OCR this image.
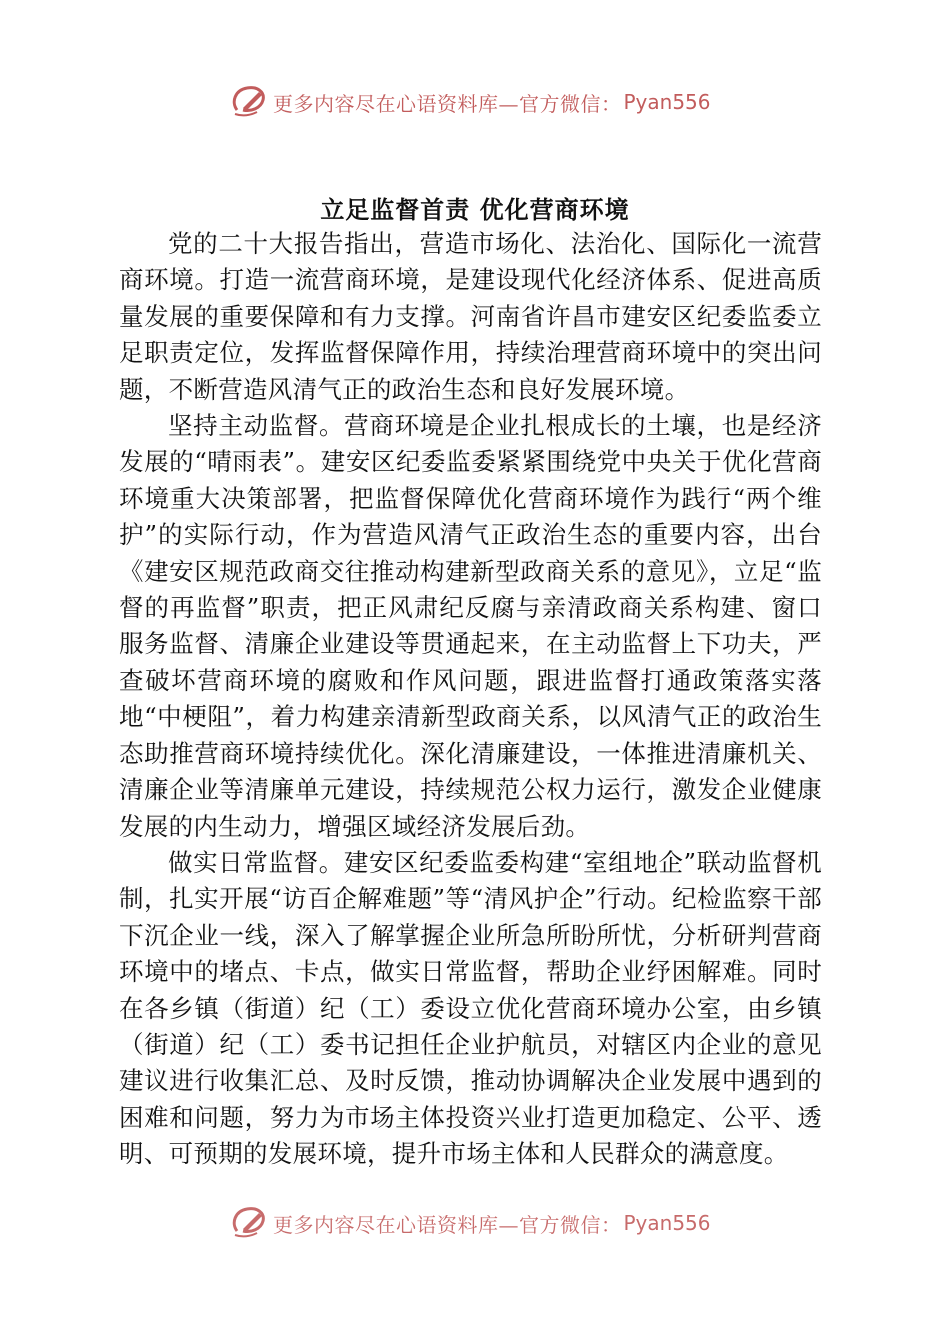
更多内容尽在心语资料库—官方微信： Pyan556
立足监督首责 优化营商环境

党的二十大报告指出，营造市场化、法治化、国际化一流营商环境。打造一流营商环境，是建设现代化经济体系、促进高质量发展的重要保障和有力支撑。河南省许昌市建安区纪委监委立足职责定位，发挥监督保障作用，持续治理营商环境中的突出问题，不断营造风清气正的政治生态和良好发展环境。

坚持主动监督。营商环境是企业扎根成长的土壤，也是经济发展的“晴雨表”。建安区纪委监委紧紧围绕党中央关于优化营商环境重大决策部署，把监督保障优化营商环境作为践行“两个维护”的实际行动，作为营造风清气正政治生态的重要内容，出台《建安区规范政商交往推动构建新型政商关系的意见》，立足“监督的再监督”职责，把正风肃纪反腐与亲清政商关系构建、窗口服务监督、清廉企业建设等贯通起来，在主动监督上下功夫，严查破坏营商环境的腐败和作风问题，跟进监督打通政策落实落地“中梗阻”，着力构建亲清新型政商关系，以风清气正的政治生态助推营商环境持续优化。深化清廉建设，一体推进清廉机关、清廉企业等清廉单元建设，持续规范公权力运行，激发企业健康发展的内生动力，增强区域经济发展后劲。

做实日常监督。建安区纪委监委构建“室组地企”联动监督机制，扎实开展“访百企解难题”等“清风护企”行动。纪检监察干部下沉企业一线，深入了解掌握企业所急所盼所忧，分析研判营商环境中的堵点、卡点，做实日常监督，帮助企业纾困解难。同时在各乡镇（街道）纪（工）委设立优化营商环境办公室，由乡镇（街道）纪（工）委书记担任企业护航员，对辖区内企业的意见建议进行收集汇总、及时反馈，推动协调解决企业发展中遇到的困难和问题，努力为市场主体投资兴业打造更加稳定、公平、透明、可预期的发展环境，提升市场主体和人民群众的满意度。

更多内容尽在心语资料库—官方微信： Pyan556
